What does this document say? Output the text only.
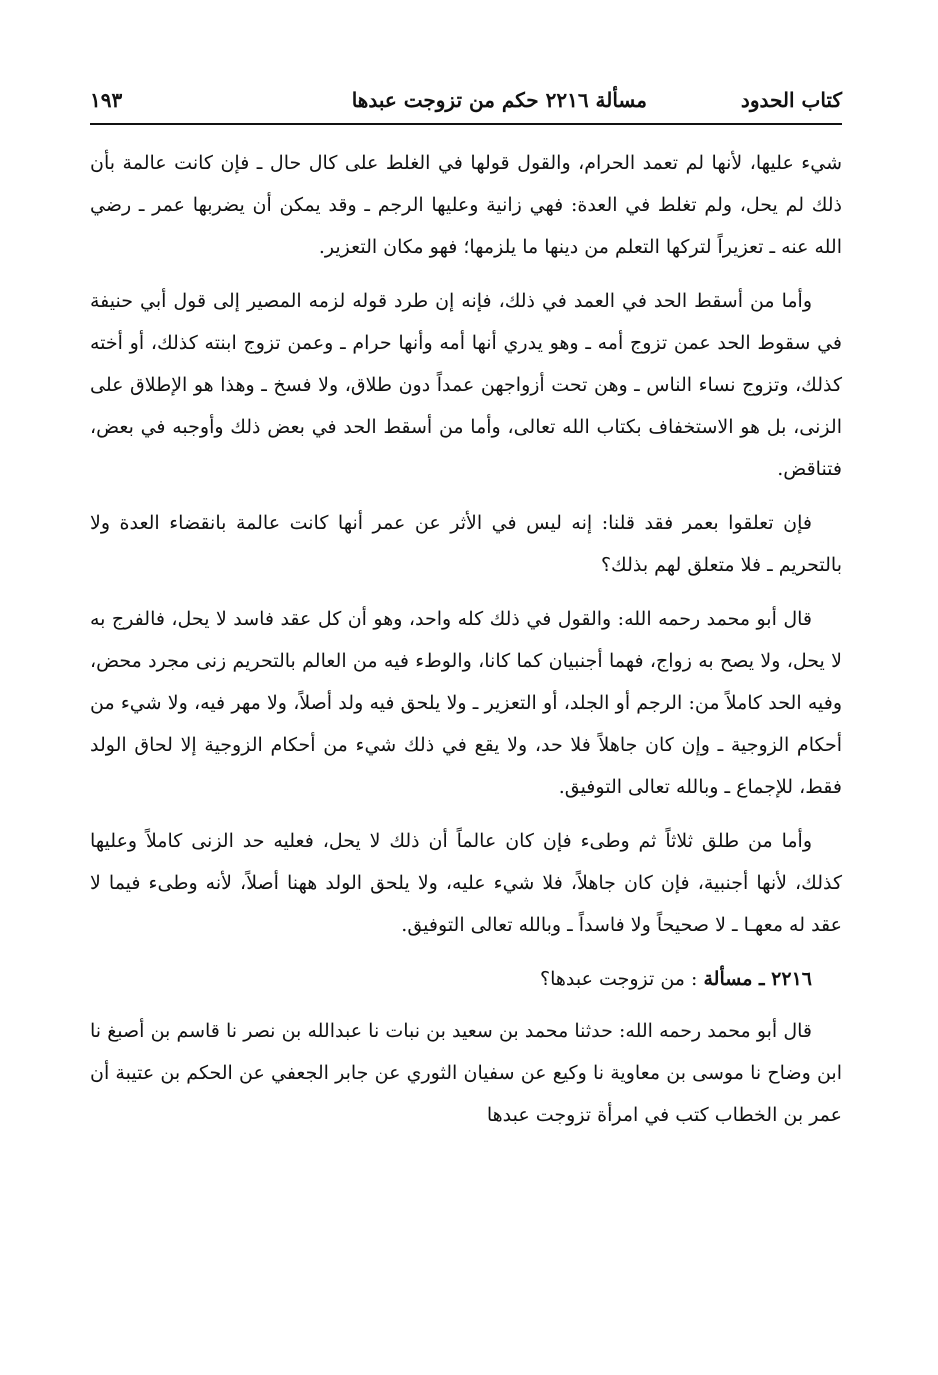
كتاب الحدود
مسألة ٢٢١٦ حكم من تزوجت عبدها
١٩٣

شيء عليها، لأنها لم تعمد الحرام، والقول قولها في الغلط على كال حال ـ فإن كانت عالمة بأن ذلك لم يحل، ولم تغلط في العدة: فهي زانية وعليها الرجم ـ وقد يمكن أن يضربها عمر ـ رضي الله عنه ـ تعزيراً لتركها التعلم من دينها ما يلزمها؛ فهو مكان التعزير.

وأما من أسقط الحد في العمد في ذلك، فإنه إن طرد قوله لزمه المصير إلى قول أبي حنيفة في سقوط الحد عمن تزوج أمه ـ وهو يدري أنها أمه وأنها حرام ـ وعمن تزوج ابنته كذلك، أو أخته كذلك، وتزوج نساء الناس ـ وهن تحت أزواجهن عمداً دون طلاق، ولا فسخ ـ وهذا هو الإطلاق على الزنى، بل هو الاستخفاف بكتاب الله تعالى، وأما من أسقط الحد في بعض ذلك وأوجبه في بعض، فتناقض.

فإن تعلقوا بعمر فقد قلنا: إنه ليس في الأثر عن عمر أنها كانت عالمة بانقضاء العدة ولا بالتحريم ـ فلا متعلق لهم بذلك؟

قال أبو محمد رحمه الله: والقول في ذلك كله واحد، وهو أن كل عقد فاسد لا يحل، فالفرج به لا يحل، ولا يصح به زواج، فهما أجنبيان كما كانا، والوطء فيه من العالم بالتحريم زنى مجرد محض، وفيه الحد كاملاً من: الرجم أو الجلد، أو التعزير ـ ولا يلحق فيه ولد أصلاً، ولا مهر فيه، ولا شيء من أحكام الزوجية ـ وإن كان جاهلاً فلا حد، ولا يقع في ذلك شيء من أحكام الزوجية إلا لحاق الولد فقط، للإجماع ـ وبالله تعالى التوفيق.

وأما من طلق ثلاثاً ثم وطىء فإن كان عالماً أن ذلك لا يحل، فعليه حد الزنى كاملاً وعليها كذلك، لأنها أجنبية، فإن كان جاهلاً، فلا شيء عليه، ولا يلحق الولد ههنا أصلاً، لأنه وطىء فيما لا عقد له معهـا ـ لا صحيحاً ولا فاسداً ـ وبالله تعالى التوفيق.

٢٢١٦ ـ مسألة : من تزوجت عبدها؟

قال أبو محمد رحمه الله: حدثنا محمد بن سعيد بن نبات نا عبدالله بن نصر نا قاسم بن أصبغ نا ابن وضاح نا موسى بن معاوية نا وكيع عن سفيان الثوري عن جابر الجعفي عن الحكم بن عتيبة أن عمر بن الخطاب كتب في امرأة تزوجت عبدها
